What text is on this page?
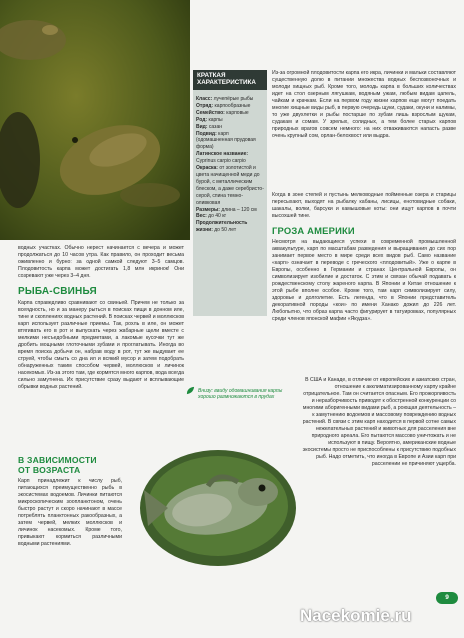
водных участках. Обычно нерест начинается с вечера и может продолжаться до 10 часов утра. Как правило, он проходит весьма оживленно и бурно: за одной самкой следуют 3–5 самцов. Плодовитость карпа может достигать 1,8 млн икринок! Они созревают уже через 3–4 дня.
РЫБА-СВИНЬЯ
Карпа справедливо сравнивают со свиньей. Причем не только за всеядность, но и за манеру рыться в поисках пищи в донном иле, тине и скоплениях водных растений. В поисках червей и моллюсков карп использует различные приемы. Так, рохль в иле, он может втягивать его в рот и выпускать через жабарные щели вместе с мелкими несъедобными предметами, а лакомые кусочки тут же дробить мощными глоточными зубами и проглатывать. Иногда во время поиска добычи он, набрав воду в рот, тут же выдувает ее струей, чтобы смыть со дна ил и всякий мусор и затем подобрать обнаруженных таким способом червей, моллюсков и личинок насекомых. Из-за этого там, где кормятся много карпов, вода всегда сильно замутнена. Их присутствие сразу выдают и всплывающие обрывки водных растений.
В ЗАВИСИМОСТИ ОТ ВОЗРАСТА
Карп принадлежит к числу рыб, питающихся преимущественно рыбь в экосистемах водоемов. Личинки питаются микроскопическим зоопланктоном, очень быстро растут и скоро начинают в массе потреблять планктонных ракообразных, а затем червей, мелких моллюсков и личинок насекомых. Кроме того, привыкают кормиться различными водными растениями.
КРАТКАЯ ХАРАКТЕРИСТИКА
Класс: лучепёрые рыбы
Отряд: карпообразные
Семейство: карповые
Род: карпы
Вид: сазан
Подвид: карп (одомашненная прудовая форма)
Латинское название: Cyprinus carpio carpio
Окраска: от золотистой и цвета начищенной меди до бурой, с металлическим блеском, а даже серебристо-серой, спина темно-оливковая
Размеры: длина – 120 см
Вес: до 40 кг
Продолжительность жизни: до 50 лет
Внизу: ввиду одомашнивания карпы хорошо размножаются в прудах
Из-за огромной плодовитости карпа его икра, личинки и мальки составляют существенную долю в питании множества водных беспозвоночных и молоди хищных рыб. Кроме того, молодь карпа в больших количествах идет на стол озерным лягушкам, водяным ужам, любым видам цапель, чайкам и крачкам. Если на первом году жизни карпов еще могут поедать многие хищные виды рыб, в первую очередь щуки, судаки, окуни и налимы, то уже двухлетки и рыбы постарше по зубам лишь взрослым щукам, судакам и сомам. У зрелых, солидных, а тем более старых карпов природных врагов совсем немного: на них отваживаются напасть разве очень крупный сом, орлан-белохвост или выдра.
Когда в зоне степей и пустынь мелководные пойменные озера и старицы пересыхают, выходят на рыбалку кабаны, лисицы, енотовидные собаки, шакалы, волки, барсуки и камышовые коты: они ищут карпов в почти высохшей тине.
ГРОЗА АМЕРИКИ
Несмотря на выдающиеся успехи в современной промышленной аквакультуре, карп по масштабам разведения и выращивания до сих пор занимает первое место в мире среди всех видов рыб. Само название «карп» означает в переводе с греческого «плодовитый». Уже о карпе в Европы, особенно в Германии и странах Центральной Европы, он символизирует изобилие и достаток. С этим и связан обычай подавать к рождественскому столу жареного карпа. В Японии и Китае отношение к этой рыбе вполне особое. Кроме того, там карп символизирует силу, здоровье и долголетие. Есть легенда, что в Японии представитель декоративной породы «кои» по имени Ханако дожил до 226 лет. Любопытно, что образ карпа часто фигурирует в татуировках, популярных среди членов японской мафии «Якудза».
В США и Канаде, в отличие от европейских и азиатских стран, отношение к акклиматизированному карпу крайне отрицательное. Там он считается опасным. Его прожорливость и неразборчивость приводят к обостренной конкуренции со многими аборигенными видами рыб, а роющая деятельность – к замутнению водоемов и массовому повреждению водных растений. В связи с этим карп находится в первой сотне самых нежелательных растений и животных для расселения вне природного ареала. Его пытаются массово уничтожать и не используют в пищу. Вероятно, американские водные экосистемы просто не приспособлены к присутствию подобных рыб. Надо отметить, что иногда в Европе и Азии карп при расселении не причиняют ущерба.
9
Nacekomie.ru
